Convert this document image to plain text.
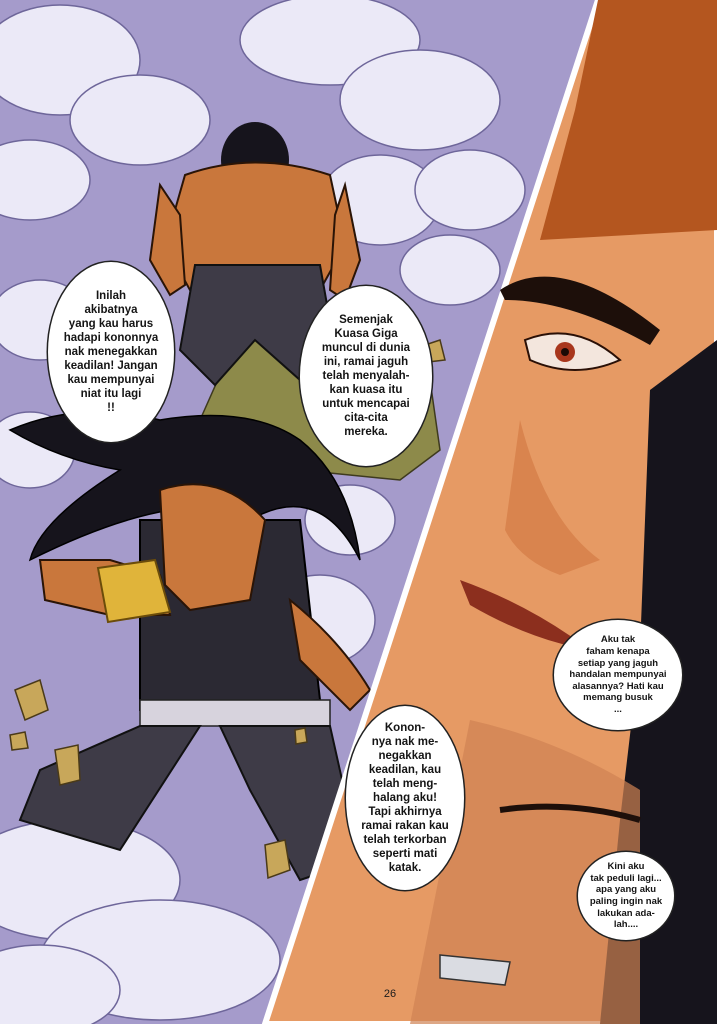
Inilah
akibatnya
yang kau harus
hadapi kononnya
nak menegakkan
keadilan! Jangan
kau mempunyai
niat itu lagi
!!
Semenjak
Kuasa Giga
muncul di dunia
ini, ramai jaguh
telah menyalah-
kan kuasa itu
untuk mencapai
cita-cita
mereka.
Konon-
nya nak me-
negakkan
keadilan, kau
telah meng-
halang aku!
Tapi akhirnya
ramai rakan kau
telah terkorban
seperti mati
katak.
Aku tak
faham kenapa
setiap yang jaguh
handalan mempunyai
alasannya? Hati kau
memang busuk
...
Kini aku
tak peduli lagi...
apa yang aku
paling ingin nak
lakukan ada-
lah....
26
